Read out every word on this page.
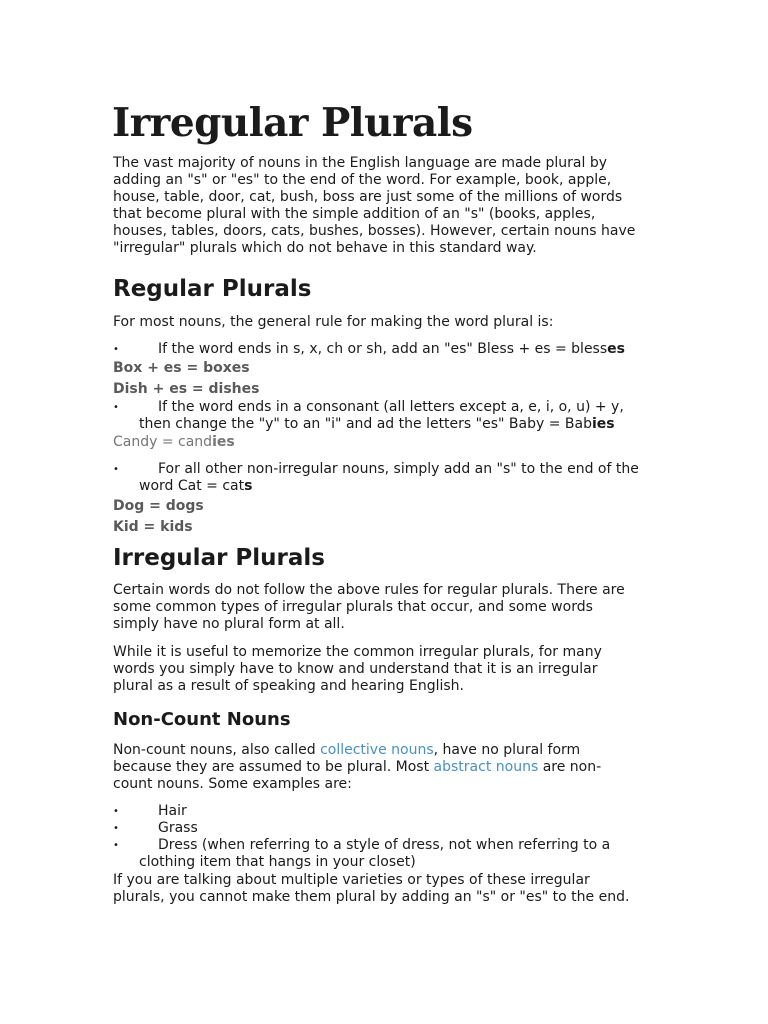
Irregular Plurals
The vast majority of nouns in the English language are made plural by
adding an "s" or "es" to the end of the word. For example, book, apple,
house, table, door, cat, bush, boss are just some of the millions of words
that become plural with the simple addition of an "s" (books, apples,
houses, tables, doors, cats, bushes, bosses). However, certain nouns have
"irregular" plurals which do not behave in this standard way.
Regular Plurals
For most nouns, the general rule for making the word plural is:
•	If the word ends in s, x, ch or sh, add an "es" Bless + es = blesses
Box + es = boxes
Dish + es = dishes
•	If the word ends in a consonant (all letters except a, e, i, o, u) + y,
then change the "y" to an "i" and ad the letters "es" Baby = Babies
Candy = candies
•	For all other non-irregular nouns, simply add an "s" to the end of the
word Cat = cats
Dog = dogs
Kid = kids
Irregular Plurals
Certain words do not follow the above rules for regular plurals. There are
some common types of irregular plurals that occur, and some words
simply have no plural form at all.
While it is useful to memorize the common irregular plurals, for many
words you simply have to know and understand that it is an irregular
plural as a result of speaking and hearing English.
Non-Count Nouns
Non-count nouns, also called collective nouns, have no plural form
because they are assumed to be plural. Most abstract nouns are non-
count nouns. Some examples are:
•	Hair
•	Grass
•	Dress (when referring to a style of dress, not when referring to a
clothing item that hangs in your closet)
If you are talking about multiple varieties or types of these irregular
plurals, you cannot make them plural by adding an "s" or "es" to the end.
